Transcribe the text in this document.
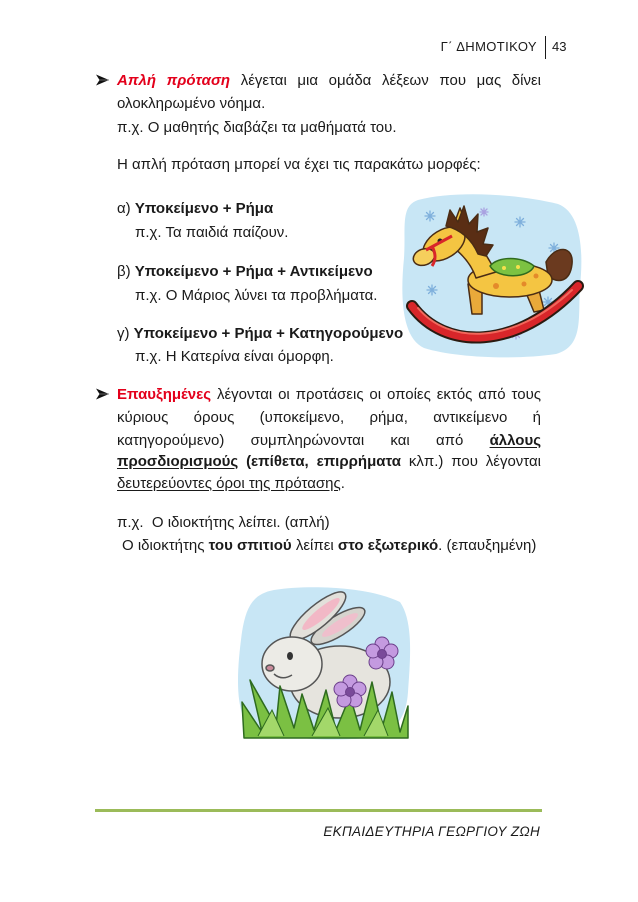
Γ΄ ΔΗΜΟΤΙΚΟΥ 43
Απλή πρόταση λέγεται μια ομάδα λέξεων που μας δίνει
ολοκληρωμένο νόημα.
π.χ. Ο μαθητής διαβάζει τα μαθήματά του.
Η απλή πρόταση μπορεί να έχει τις παρακάτω μορφές:
α) Υποκείμενο + Ρήμα
π.χ. Τα παιδιά παίζουν.
β) Υποκείμενο + Ρήμα + Αντικείμενο
π.χ. Ο Μάριος λύνει τα προβλήματα.
γ) Υποκείμενο + Ρήμα + Κατηγορούμενο
π.χ. Η Κατερίνα είναι όμορφη.
Επαυξημένες λέγονται οι προτάσεις οι οποίες εκτός από τους
κύριους όρους (υποκείμενο, ρήμα, αντικείμενο ή
κατηγορούμενο) συμπληρώνονται και από άλλους
προσδιορισμούς (επίθετα, επιρρήματα κλπ.) που λέγονται
δευτερεύοντες όροι της πρότασης.
π.χ.  Ο ιδιοκτήτης λείπει. (απλή)
Ο ιδιοκτήτης του σπιτιού λείπει στο εξωτερικό. (επαυξημένη)
ΕΚΠΑΙΔΕΥΤΗΡΙΑ ΓΕΩΡΓΙΟΥ ΖΩΗ
